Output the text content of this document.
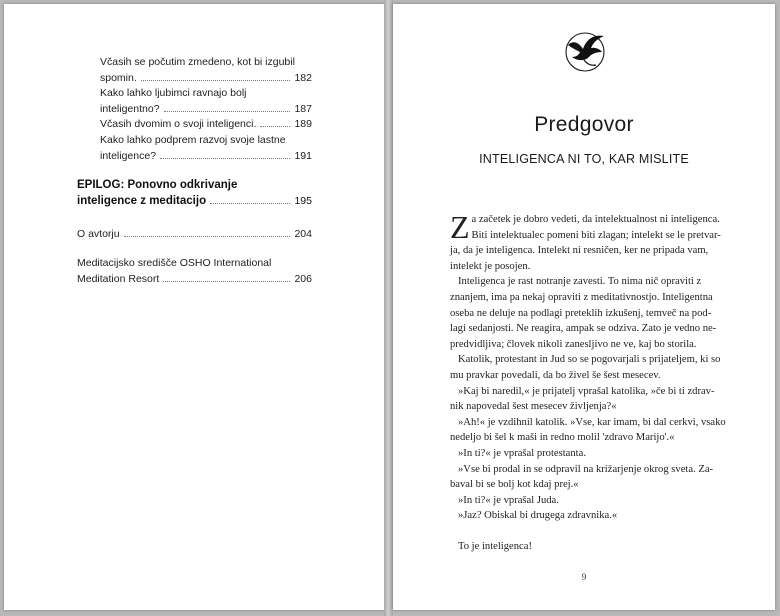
Včasih se počutim zmedeno, kot bi izgubil
spomin.	182
Kako lahko ljubimci ravnajo bolj
inteligentno?	187
Včasih dvomim o svoji inteligenci.	189
Kako lahko podprem razvoj svoje lastne
inteligence?	191
EPILOG: Ponovno odkrivanje
inteligence z meditacijo	195
O avtorju	204
Meditacijsko središče OSHO International
Meditation Resort	206
Predgovor
INTELIGENCA NI TO, KAR MISLITE

Z a začetek je dobro vedeti, da intelektualnost ni inteligenca.
Biti intelektualec pomeni biti zlagan; intelekt se le pretvar-
ja, da je inteligenca. Intelekt ni resničen, ker ne pripada vam,
intelekt je posojen.

Inteligenca je rast notranje zavesti. To nima nič opraviti z
znanjem, ima pa nekaj opraviti z meditativnostjo. Inteligentna
oseba ne deluje na podlagi preteklih izkušenj, temveč na pod-
lagi sedanjosti. Ne reagira, ampak se odziva. Zato je vedno ne-
predvidljiva; človek nikoli zanesljivo ne ve, kaj bo storila.

Katolik, protestant in Jud so se pogovarjali s prijateljem, ki so
mu pravkar povedali, da bo živel še šest mesecev.

»Kaj bi naredil,« je prijatelj vprašal katolika, »če bi ti zdrav-
nik napovedal šest mesecev življenja?«

»Ah!« je vzdihnil katolik. »Vse, kar imam, bi dal cerkvi, vsako
nedeljo bi šel k maši in redno molil 'zdravo Marijo'.«

»In ti?« je vprašal protestanta.

»Vse bi prodal in se odpravil na križarjenje okrog sveta. Za-
baval bi se bolj kot kdaj prej.«

»In ti?« je vprašal Juda.

»Jaz? Obiskal bi drugega zdravnika.«

To je inteligenca!

9
